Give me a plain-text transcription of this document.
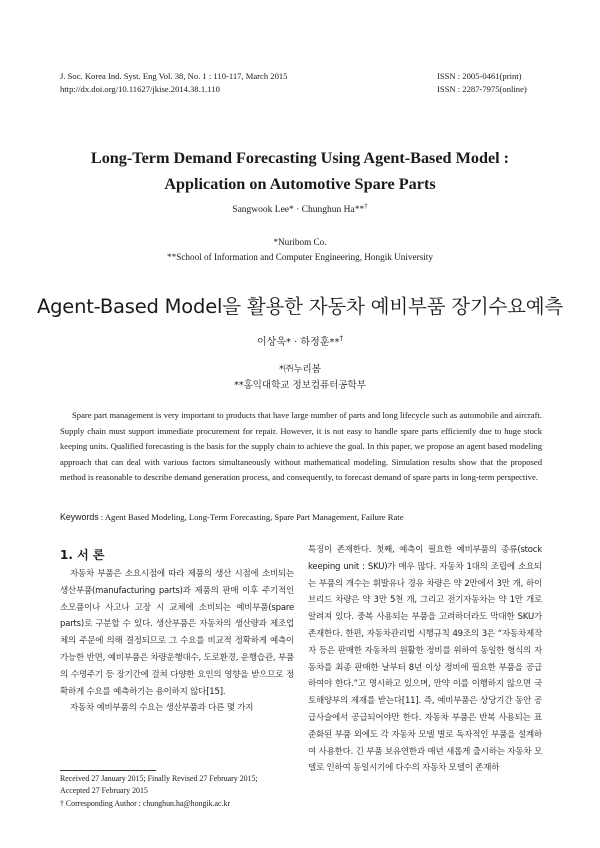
J. Soc. Korea Ind. Syst. Eng Vol. 38, No. 1 : 110-117, March 2015
http://dx.doi.org/10.11627/jkise.2014.38.1.110
ISSN : 2005-0461(print)
ISSN : 2287-7975(online)
Long-Term Demand Forecasting Using Agent-Based Model :
Application on Automotive Spare Parts
Sangwook Lee* · Chunghun Ha**†
*Nuribom Co.
**School of Information and Computer Engineering, Hongik University
Agent-Based Model을 활용한 자동차 예비부품 장기수요예측
이상욱* · 하정훈**†
*㈜누리봄
**홍익대학교 정보컴퓨터공학부

Spare part management is very important to products that have large number of parts and long lifecycle such as automobile and aircraft. Supply chain must support immediate procurement for repair. However, it is not easy to handle spare parts efficiently due to huge stock keeping units. Qualified forecasting is the basis for the supply chain to achieve the goal. In this paper, we propose an agent based modeling approach that can deal with various factors simultaneously without mathematical modeling. Simulation results show that the proposed method is reasonable to describe demand generation process, and consequently, to forecast demand of spare parts in long-term perspective.

Keywords : Agent Based Modeling, Long-Term Forecasting, Spare Part Management, Failure Rate
1. 서 론

자동차 부품은 소요시점에 따라 제품의 생산 시점에 소비되는 생산부품(manufacturing parts)과 제품의 판매 이후 주기적인 소모품이나 사고나 고장 시 교체에 소비되는 예비부품(spare parts)로 구분할 수 있다. 생산부품은 자동차의 생산량과 제조업체의 주문에 의해 결정되므로 그 수요를 비교적 정확하게 예측이 가능한 반면, 예비부품은 차량운행대수, 도로환경, 운행습관, 부품의 수명주기 등 장기간에 걸쳐 다양한 요인의 영향을 받으므로 정확하게 수요를 예측하기는 용이하지 않다[15].

자동차 예비부품의 수요는 생산부품과 다른 몇 가지

특징이 존재한다. 첫째, 예측이 필요한 예비부품의 종류(stock keeping unit : SKU)가 매우 많다. 자동차 1대의 조립에 소요되는 부품의 개수는 휘발유나 경유 차량은 약 2만에서 3만 개, 하이브리드 차량은 약 3만 5천 개, 그리고 전기자동차는 약 1만 개로 알려져 있다. 중복 사용되는 부품을 고려하더라도 막대한 SKU가 존재한다. 한편, 자동차관리법 시행규칙 49조의 3은 “자동차제작자 등은 판매한 자동차의 원활한 정비를 위하여 동일한 형식의 자동차를 최종 판매한 날부터 8년 이상 정비에 필요한 부품을 공급하여야 한다.”고 명시하고 있으며, 만약 이를 이행하지 않으면 국토해양부의 제재를 받는다[11]. 즉, 예비부품은 상당기간 동안 공급사슬에서 공급되어야만 한다. 자동차 부품은 반복 사용되는 표준화된 부품 외에도 각 자동차 모델 별로 독자적인 부품을 설계하여 사용한다. 긴 부품 보유연한과 매년 새롭게 출시하는 자동차 모델로 인하여 동일시기에 다수의 자동차 모델이 존재하

Received 27 January 2015; Finally Revised 27 February 2015;
Accepted 27 February 2015
† Corresponding Author : chunghun.ha@hongik.ac.kr
